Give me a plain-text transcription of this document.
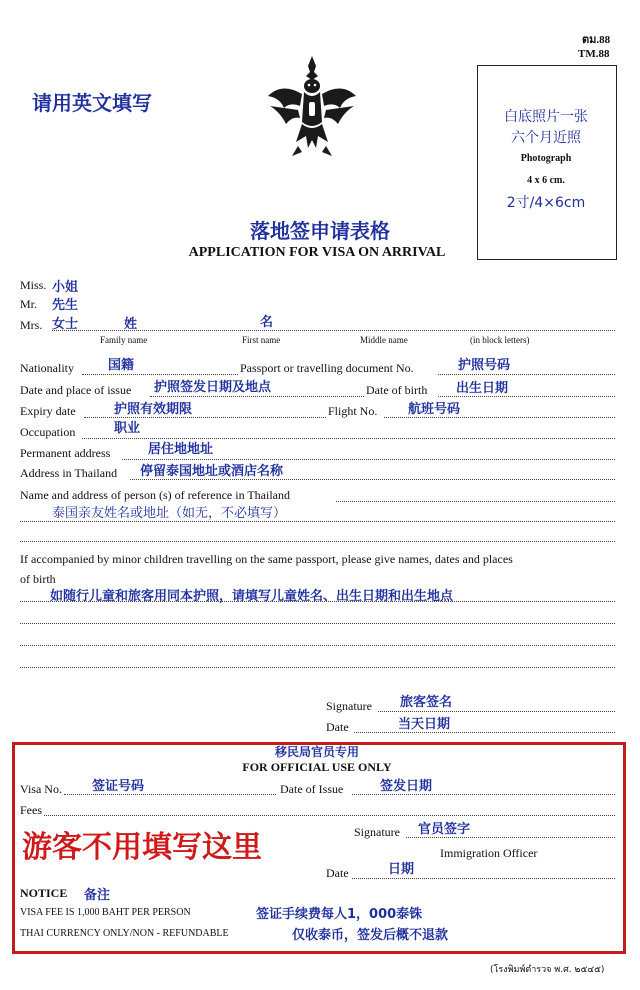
ตม.88
TM.88
请用英文填写
白底照片一张
六个月近照
Photograph
4 x 6 cm.
2寸/4×6cm
落地签申请表格
APPLICATION FOR VISA ON ARRIVAL
Miss. 小姐
Mr. 先生
Mrs. 女士	姓	名
Family name	First name	Middle name	(in block letters)
Nationality	国籍	Passport or travelling document No.	护照号码
Date and place of issue 护照签发日期及地点	Date of birth 出生日期
Expiry date	护照有效期限	Flight No. 航班号码
Occupation	职业
Permanent address	居住地地址
Address in Thailand 停留泰国地址或酒店名称
Name and address of person (s) of reference in Thailand
泰国亲友姓名或地址（如无，不必填写）
If accompanied by minor children travelling on the same passport, please give names, dates and places
of birth
如随行儿童和旅客用同本护照，请填写儿童姓名、出生日期和出生地点
Signature 旅客签名
Date	当天日期
移民局官员专用
FOR OFFICIAL USE ONLY
Visa No. 签证号码	Date of Issue	签发日期
Fees
游客不用填写这里	Signature 官员签字
Immigration Officer
Date	日期
NOTICE 备注
VISA FEE IS 1,000 BAHT PER PERSON	签证手续费每人1，000泰铢
THAI CURRENCY ONLY/NON - REFUNDABLE	仅收泰币，签发后概不退款
(โรงพิมพ์ตำรวจ พ.ศ. ๒๕๔๕)
